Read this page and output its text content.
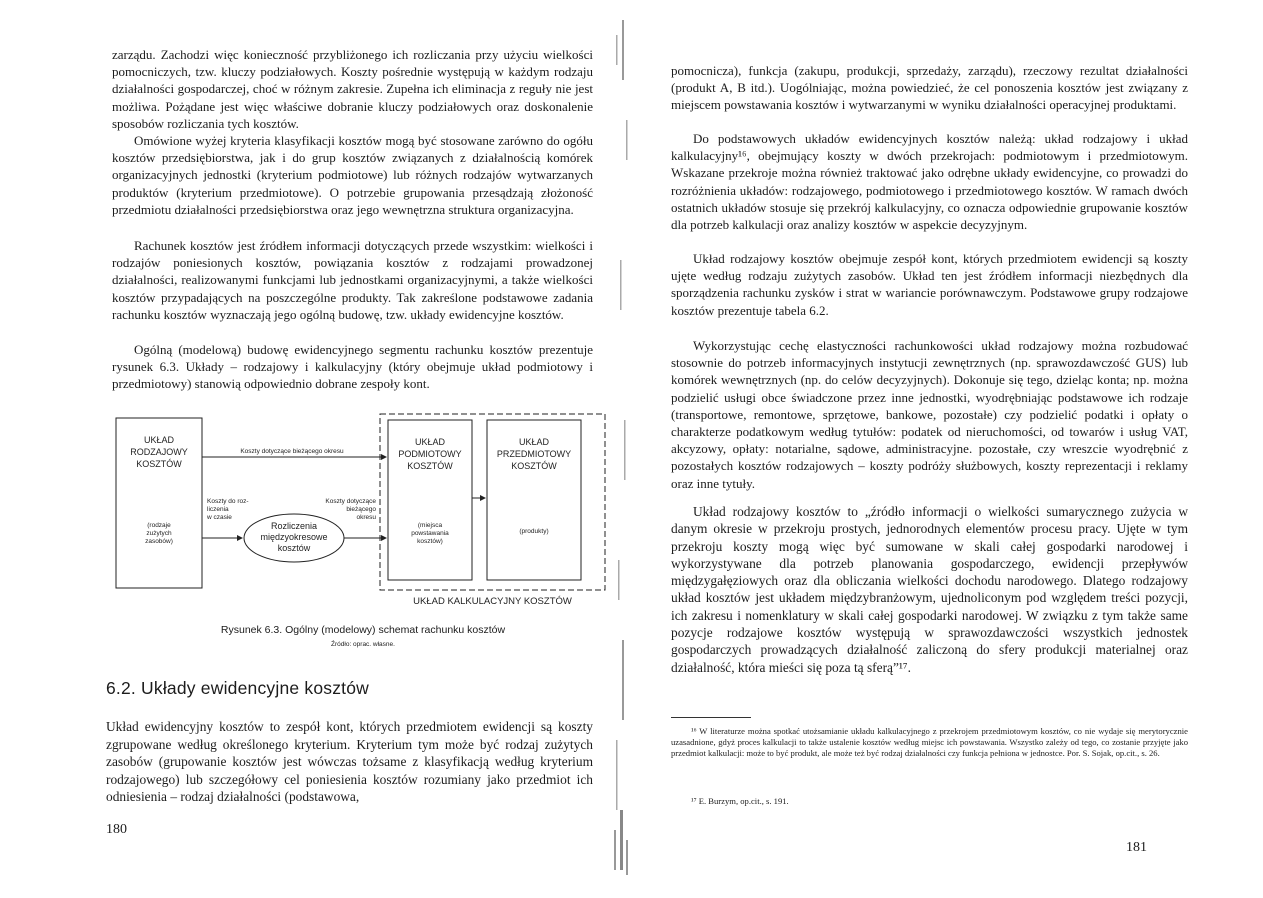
zarządu. Zachodzi więc konieczność przybliżonego ich rozliczania przy użyciu wielkości pomocniczych, tzw. kluczy podziałowych. Koszty pośrednie występują w każdym rodzaju działalności gospodarczej, choć w różnym zakresie. Zupełna ich eliminacja z reguły nie jest możliwa. Pożądane jest więc właściwe dobranie kluczy podziałowych oraz doskonalenie sposobów rozliczania tych kosztów.

Omówione wyżej kryteria klasyfikacji kosztów mogą być stosowane zarówno do ogółu kosztów przedsiębiorstwa, jak i do grup kosztów związanych z działalnością komórek organizacyjnych jednostki (kryterium podmiotowe) lub różnych rodzajów wytwarzanych produktów (kryterium przedmiotowe). O potrzebie grupowania przesądzają złożoność przedmiotu działalności przedsiębiorstwa oraz jego wewnętrzna struktura organizacyjna.

Rachunek kosztów jest źródłem informacji dotyczących przede wszystkim: wielkości i rodzajów poniesionych kosztów, powiązania kosztów z rodzajami prowadzonej działalności, realizowanymi funkcjami lub jednostkami organizacyjnymi, a także wielkości kosztów przypadających na poszczególne produkty. Tak zakreślone podstawowe zadania rachunku kosztów wyznaczają jego ogólną budowę, tzw. układy ewidencyjne kosztów.

Ogólną (modelową) budowę ewidencyjnego segmentu rachunku kosztów prezentuje rysunek 6.3. Układy – rodzajowy i kalkulacyjny (który obejmuje układ podmiotowy i przedmiotowy) stanowią odpowiednio dobrane zespoły kont.

UKŁAD
RODZAJOWY
KOSZTÓW
(rodzaje
zużytych
zasobów)
Koszty dotyczące bieżącego okresu
Koszty do roz-
liczenia
w czasie
Koszty dotyczące
bieżącego
okresu
Rozliczenia
międzyokresowe
kosztów
UKŁAD
PODMIOTOWY
KOSZTÓW
(miejsca
powstawania
kosztów)
UKŁAD
PRZEDMIOTOWY
KOSZTÓW
(produkty)
UKŁAD KALKULACYJNY KOSZTÓW
Rysunek 6.3. Ogólny (modelowy) schemat rachunku kosztów
Źródło: oprac. własne.
6.2. Układy ewidencyjne kosztów

Układ ewidencyjny kosztów to zespół kont, których przedmiotem ewidencji są koszty zgrupowane według określonego kryterium. Kryterium tym może być rodzaj zużytych zasobów (grupowanie kosztów jest wówczas tożsame z klasyfikacją według kryterium rodzajowego) lub szczegółowy cel poniesienia kosztów rozumiany jako przedmiot ich odniesienia – rodzaj działalności (podstawowa,

180

pomocnicza), funkcja (zakupu, produkcji, sprzedaży, zarządu), rzeczowy rezultat działalności (produkt A, B itd.). Uogólniając, można powiedzieć, że cel ponoszenia kosztów jest związany z miejscem powstawania kosztów i wytwarzanymi w wyniku działalności operacyjnej produktami.

Do podstawowych układów ewidencyjnych kosztów należą: układ rodzajowy i układ kalkulacyjny¹⁶, obejmujący koszty w dwóch przekrojach: podmiotowym i przedmiotowym. Wskazane przekroje można również traktować jako odrębne układy ewidencyjne, co prowadzi do rozróżnienia układów: rodzajowego, podmiotowego i przedmiotowego kosztów. W ramach dwóch ostatnich układów stosuje się przekrój kalkulacyjny, co oznacza odpowiednie grupowanie kosztów dla potrzeb kalkulacji oraz analizy kosztów w aspekcie decyzyjnym.

Układ rodzajowy kosztów obejmuje zespół kont, których przedmiotem ewidencji są koszty ujęte według rodzaju zużytych zasobów. Układ ten jest źródłem informacji niezbędnych dla sporządzenia rachunku zysków i strat w wariancie porównawczym. Podstawowe grupy rodzajowe kosztów prezentuje tabela 6.2.

Wykorzystując cechę elastyczności rachunkowości układ rodzajowy można rozbudować stosownie do potrzeb informacyjnych instytucji zewnętrznych (np. sprawozdawczość GUS) lub komórek wewnętrznych (np. do celów decyzyjnych). Dokonuje się tego, dzieląc konta; np. można podzielić usługi obce świadczone przez inne jednostki, wyodrębniając podstawowe ich rodzaje (transportowe, remontowe, sprzętowe, bankowe, pozostałe) czy podzielić podatki i opłaty o charakterze podatkowym według tytułów: podatek od nieruchomości, od towarów i usług VAT, akcyzowy, opłaty: notarialne, sądowe, administracyjne. pozostałe, czy wreszcie wyodrębnić z pozostałych kosztów rodzajowych – koszty podróży służbowych, koszty reprezentacji i reklamy oraz inne tytuły.

Układ rodzajowy kosztów to „źródło informacji o wielkości sumarycznego zużycia w danym okresie w przekroju prostych, jednorodnych elementów procesu pracy. Ujęte w tym przekroju koszty mogą więc być sumowane w skali całej gospodarki narodowej i wykorzystywane dla potrzeb planowania gospodarczego, ewidencji przepływów międzygałęziowych oraz dla obliczania wielkości dochodu narodowego. Dlatego rodzajowy układ kosztów jest układem międzybranżowym, ujednoliconym pod względem treści pozycji, ich zakresu i nomenklatury w skali całej gospodarki narodowej. W związku z tym także same pozycje rodzajowe kosztów występują w sprawozdawczości wszystkich jednostek gospodarczych prowadzących działalność zaliczoną do sfery produkcji materialnej oraz działalność, która mieści się poza tą sferą”¹⁷.

¹⁶ W literaturze można spotkać utożsamianie układu kalkulacyjnego z przekrojem przedmiotowym kosztów, co nie wydaje się merytorycznie uzasadnione, gdyż proces kalkulacji to także ustalenie kosztów według miejsc ich powstawania. Wszystko zależy od tego, co zostanie przyjęte jako przedmiot kalkulacji: może to być produkt, ale może też być rodzaj działalności czy funkcja pełniona w jednostce. Por. S. Sojak, op.cit., s. 26.

¹⁷ E. Burzym, op.cit., s. 191.

181
